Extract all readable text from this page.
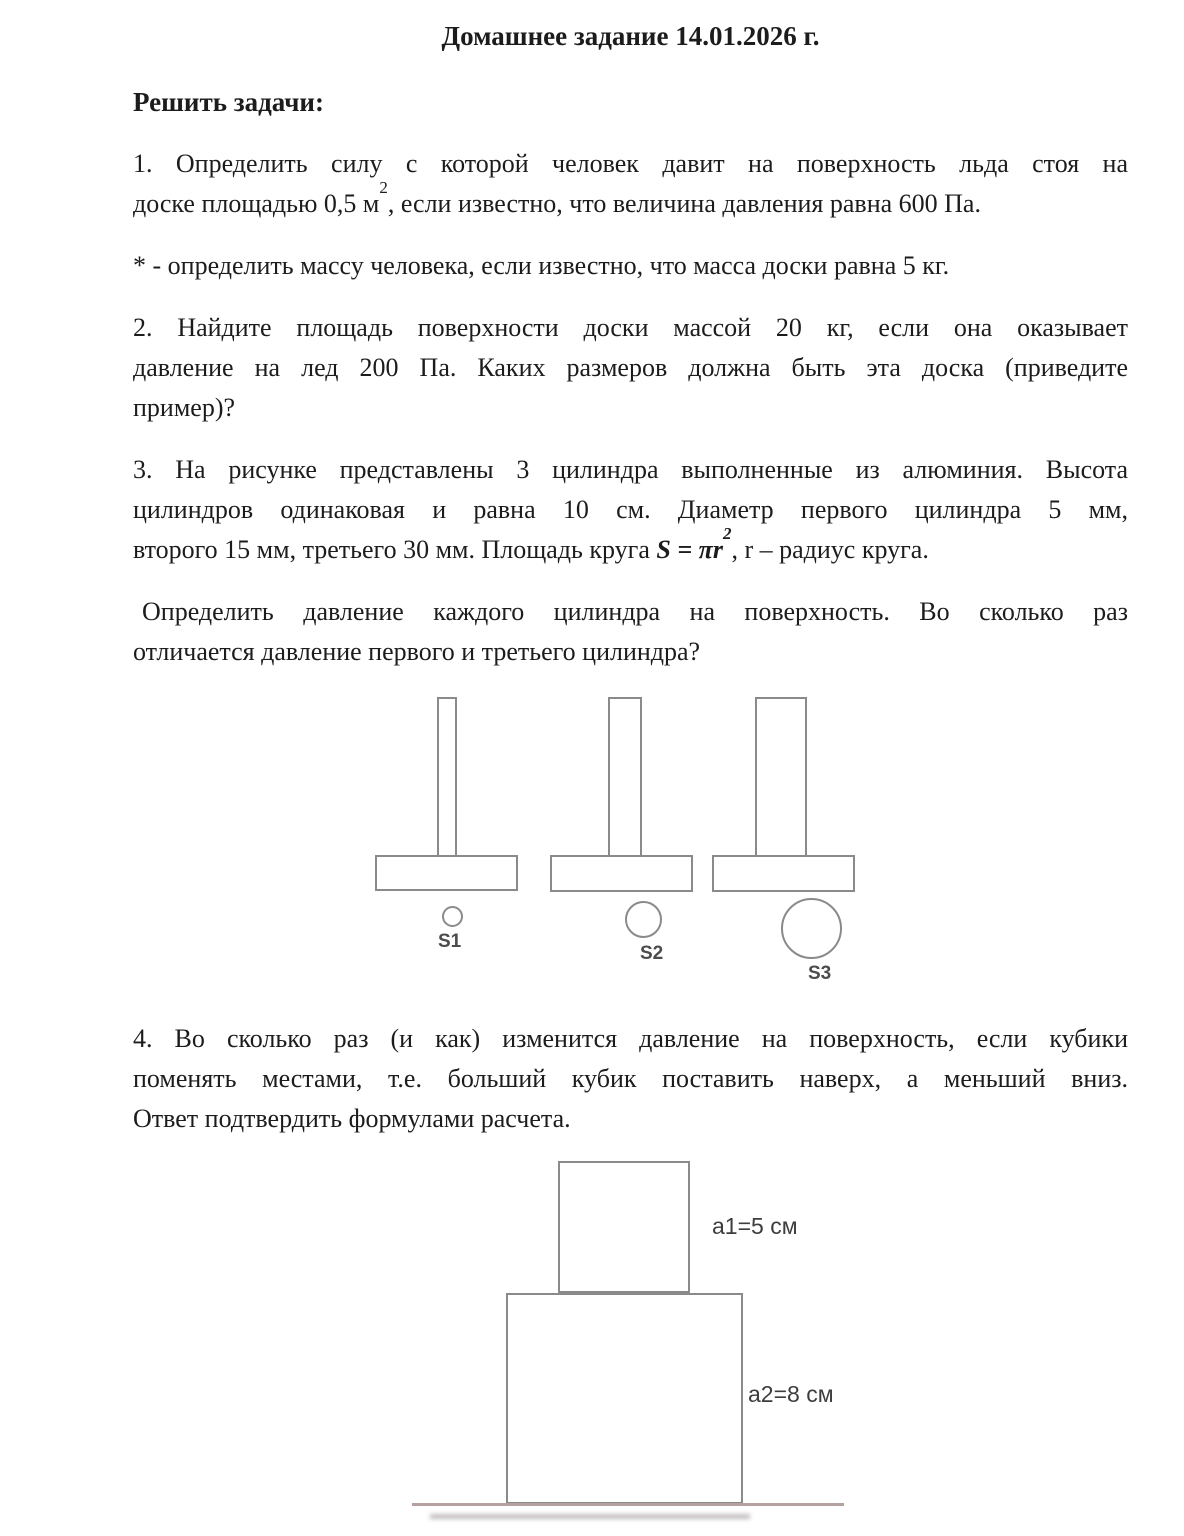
Домашнее задание 14.01.2026 г.
Решить задачи:
1. Определить силу с которой человек давит на поверхность льда стоя на
доске площадью 0,5 $м^2$, если известно, что величина давления равна 600 Па.
* - определить массу человека, если известно, что масса доски равна 5 кг.
2. Найдите площадь поверхности доски массой 20 кг, если она оказывает
давление на лед 200 Па. Каких размеров должна быть эта доска (приведите
пример)?
3. На рисунке представлены 3 цилиндра выполненные из алюминия. Высота
цилиндров одинаковая и равна 10 см. Диаметр первого цилиндра 5 мм,
второго 15 мм, третьего 30 мм. Площадь круга $S = \pi r^2$, r – радиус круга.
Определить давление каждого цилиндра на поверхность. Во сколько раз
отличается давление первого и третьего цилиндра?
S1
S2
S3
4. Во сколько раз (и как) изменится давление на поверхность, если кубики
поменять местами, т.е. больший кубик поставить наверх, а меньший вниз.
Ответ подтвердить формулами расчета.
a1=5 см
a2=8 см
